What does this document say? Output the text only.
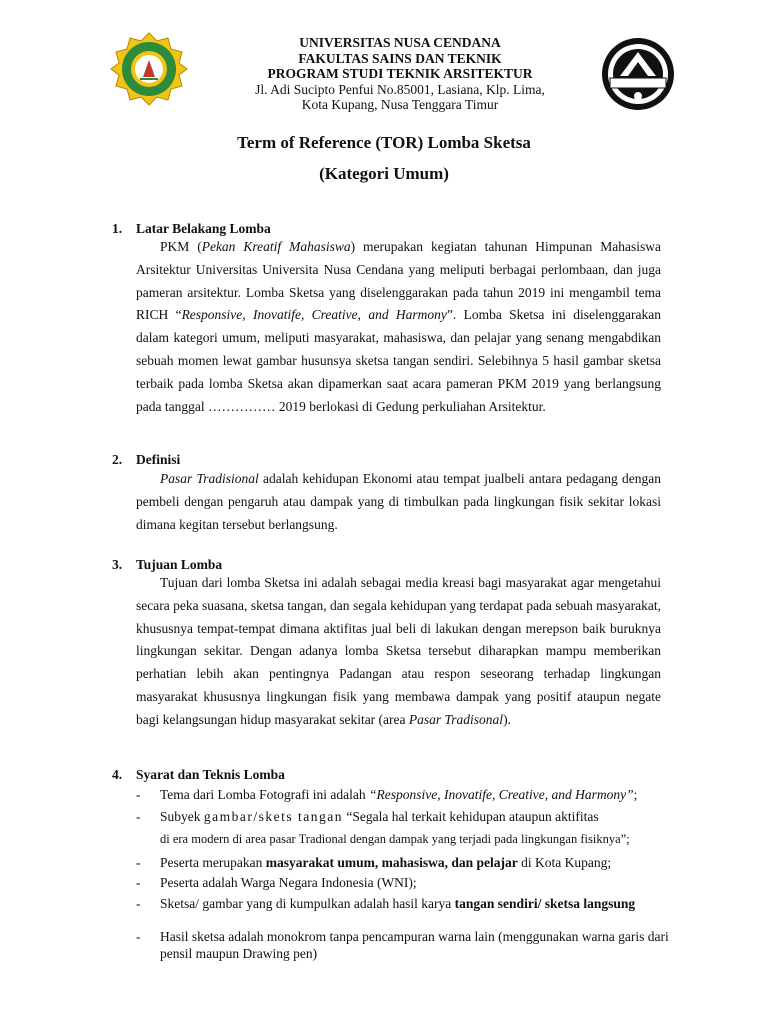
UNIVERSITAS NUSA CENDANA
FAKULTAS SAINS DAN TEKNIK
PROGRAM STUDI TEKNIK ARSITEKTUR
Jl. Adi Sucipto Penfui No.85001, Lasiana, Klp. Lima,
Kota Kupang, Nusa Tenggara Timur
Term of Reference (TOR) Lomba Sketsa
(Kategori Umum)
1. Latar Belakang Lomba
PKM (Pekan Kreatif Mahasiswa) merupakan kegiatan tahunan Himpunan Mahasiswa Arsitektur Universitas Universita Nusa Cendana yang meliputi berbagai perlombaan, dan juga pameran arsitektur. Lomba Sketsa yang diselenggarakan pada tahun 2019 ini mengambil tema RICH “Responsive, Inovatife, Creative, and Harmony”. Lomba Sketsa ini diselenggarakan dalam kategori umum, meliputi masyarakat, mahasiswa, dan pelajar yang senang mengabdikan sebuah momen lewat gambar husunsya sketsa tangan sendiri. Selebihnya 5 hasil gambar sketsa terbaik pada lomba Sketsa akan dipamerkan saat acara pameran PKM 2019 yang berlangsung pada tanggal …………… 2019 berlokasi di Gedung perkuliahan Arsitektur.
2. Definisi
Pasar Tradisional adalah kehidupan Ekonomi atau tempat jualbeli antara pedagang dengan pembeli dengan pengaruh atau dampak yang di timbulkan pada lingkungan fisik sekitar lokasi dimana kegitan tersebut berlangsung.
3. Tujuan Lomba
Tujuan dari lomba Sketsa ini adalah sebagai media kreasi bagi masyarakat agar mengetahui secara peka suasana, sketsa tangan, dan segala kehidupan yang terdapat pada sebuah masyarakat, khususnya tempat-tempat dimana aktifitas jual beli di lakukan dengan merepson baik buruknya lingkungan sekitar. Dengan adanya lomba Sketsa tersebut diharapkan mampu memberikan perhatian lebih akan pentingnya Padangan atau respon seseorang terhadap lingkungan masyarakat khususnya lingkungan fisik yang membawa dampak yang positif ataupun negate bagi kelangsungan hidup masyarakat sekitar (area Pasar Tradisonal).
4. Syarat dan Teknis Lomba
- Tema dari Lomba Fotografi ini adalah “Responsive, Inovatife, Creative, and Harmony”;
- Subyek gambar/skets tangan “Segala hal terkait kehidupan ataupun aktifitas
di era modern di area pasar Tradional dengan dampak yang terjadi pada lingkungan fisiknya”;
- Peserta merupakan masyarakat umum, mahasiswa, dan pelajar di Kota Kupang;
- Peserta adalah Warga Negara Indonesia (WNI);
- Sketsa/ gambar yang di kumpulkan adalah hasil karya tangan sendiri/ sketsa langsung
- Hasil sketsa adalah monokrom tanpa pencampuran warna lain (menggunakan warna garis dari pensil maupun Drawing pen)
